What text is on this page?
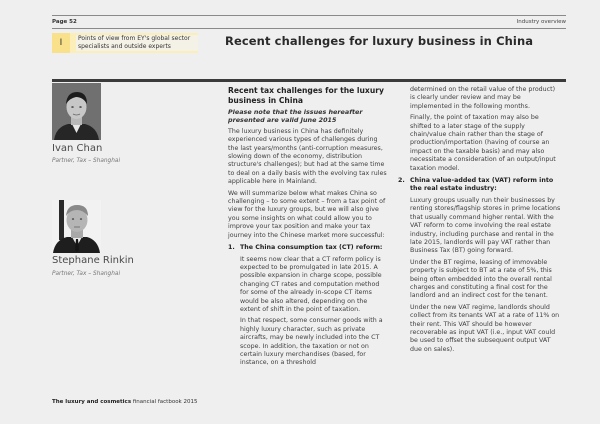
Page 52	Industry overview
I	Points of view from EY's global sector specialists and outside experts	Recent challenges for luxury business in China
Ivan Chan
Partner, Tax – Shanghai
Stephane Rinkin
Partner, Tax – Shanghai

Recent tax challenges for the luxury business in China

Please note that the issues hereafter presented are valid June 2015

The luxury business in China has definitely experienced various types of challenges during the last years/months (anti-corruption measures, slowing down of the economy, distribution structure's challenges); but had at the same time to deal on a daily basis with the evolving tax rules applicable here in Mainland.

We will summarize below what makes China so challenging – to some extent – from a tax point of view for the luxury groups, but we will also give you some insights on what could allow you to improve your tax position and make your tax journey into the Chinese market more successful:

1. The China consumption tax (CT) reform:

It seems now clear that a CT reform policy is expected to be promulgated in late 2015. A possible expansion in charge scope, possible changing CT rates and computation method for some of the already in-scope CT items would be also altered, depending on the extent of shift in the point of taxation.

In that respect, some consumer goods with a highly luxury character, such as private aircrafts, may be newly included into the CT scope. In addition, the taxation or not on certain luxury merchandises (based, for instance, on a threshold

determined on the retail value of the product) is clearly under review and may be implemented in the following months.

Finally, the point of taxation may also be shifted to a later stage of the supply chain/value chain rather than the stage of production/importation (having of course an impact on the taxable basis) and may also necessitate a consideration of an output/input taxation model.

2. China value-added tax (VAT) reform into the real estate industry:

Luxury groups usually run their businesses by renting stores/flagship stores in prime locations that usually command higher rental. With the VAT reform to come involving the real estate industry, including purchase and rental in the late 2015, landlords will pay VAT rather than Business Tax (BT) going forward.

Under the BT regime, leasing of immovable property is subject to BT at a rate of 5%, this being often embedded into the overall rental charges and constituting a final cost for the landlord and an indirect cost for the tenant.

Under the new VAT regime, landlords should collect from its tenants VAT at a rate of 11% on their rent. This VAT should be however recoverable as input VAT (i.e., input VAT could be used to offset the subsequent output VAT due on sales).

The luxury and cosmetics financial factbook 2015
